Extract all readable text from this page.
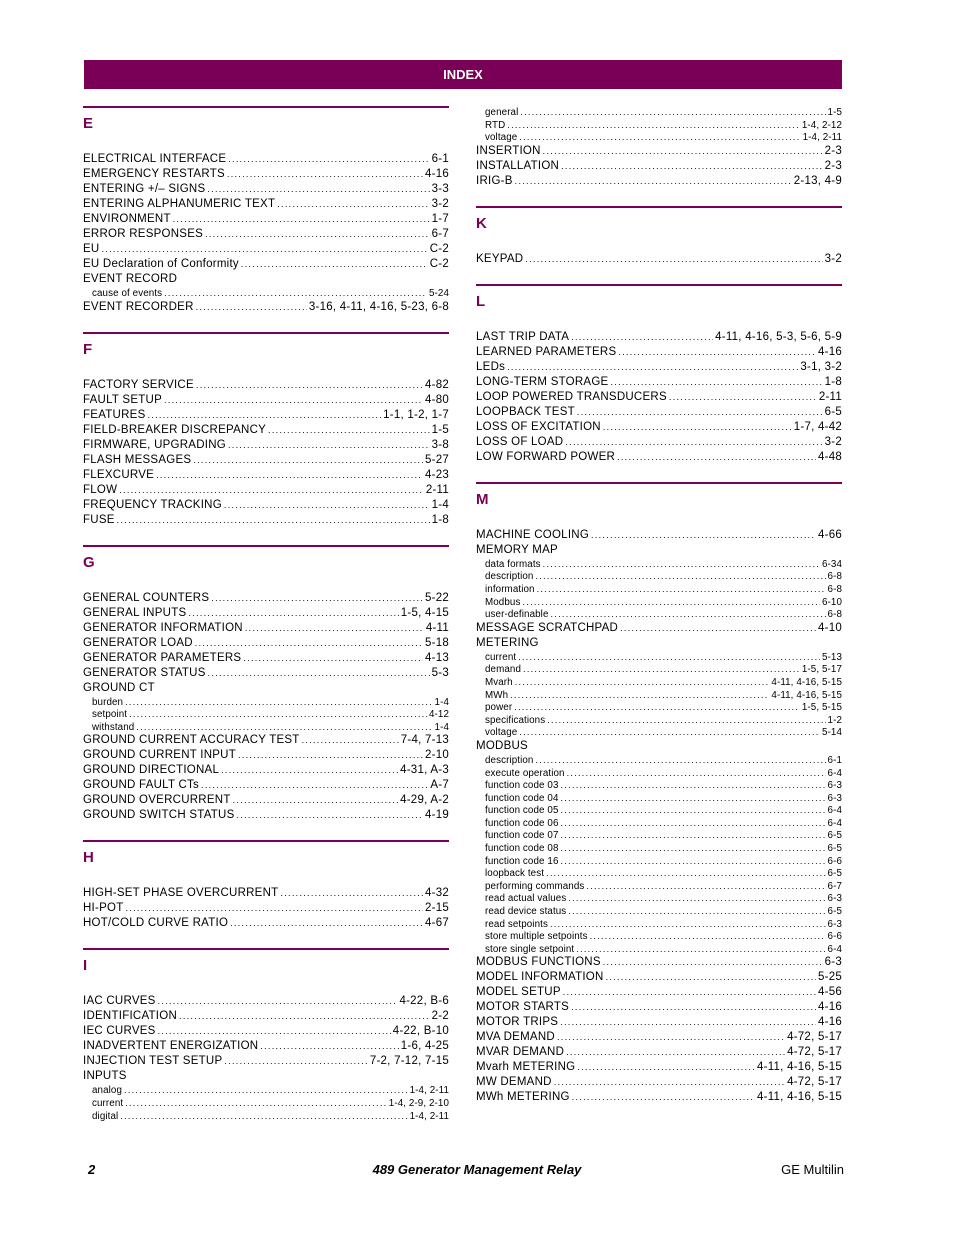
INDEX
E
ELECTRICAL INTERFACE .....	6-1
EMERGENCY RESTARTS .....	4-16
ENTERING +/– SIGNS .....	3-3
ENTERING ALPHANUMERIC TEXT .....	3-2
ENVIRONMENT .....	1-7
ERROR RESPONSES .....	6-7
EU .....	C-2
EU Declaration of Conformity .....	C-2
EVENT RECORD
cause of events .....	5-24
EVENT RECORDER .....	3-16, 4-11, 4-16, 5-23, 6-8
F
FACTORY SERVICE .....	4-82
FAULT SETUP .....	4-80
FEATURES .....	1-1, 1-2, 1-7
FIELD-BREAKER DISCREPANCY .....	1-5
FIRMWARE, UPGRADING .....	3-8
FLASH MESSAGES .....	5-27
FLEXCURVE .....	4-23
FLOW .....	2-11
FREQUENCY TRACKING .....	1-4
FUSE .....	1-8
G
GENERAL COUNTERS .....	5-22
GENERAL INPUTS .....	1-5, 4-15
GENERATOR INFORMATION .....	4-11
GENERATOR LOAD .....	5-18
GENERATOR PARAMETERS .....	4-13
GENERATOR STATUS .....	5-3
GROUND CT
burden .....	1-4
setpoint .....	4-12
withstand .....	1-4
GROUND CURRENT ACCURACY TEST .....	7-4, 7-13
GROUND CURRENT INPUT .....	2-10
GROUND DIRECTIONAL .....	4-31, A-3
GROUND FAULT CTs .....	A-7
GROUND OVERCURRENT .....	4-29, A-2
GROUND SWITCH STATUS .....	4-19
H
HIGH-SET PHASE OVERCURRENT .....	4-32
HI-POT .....	2-15
HOT/COLD CURVE RATIO .....	4-67
I
IAC CURVES .....	4-22, B-6
IDENTIFICATION .....	2-2
IEC CURVES .....	4-22, B-10
INADVERTENT ENERGIZATION .....	1-6, 4-25
INJECTION TEST SETUP .....	7-2, 7-12, 7-15
INPUTS
analog .....	1-4, 2-11
current .....	1-4, 2-9, 2-10
digital .....	1-4, 2-11
general .....	1-5
RTD .....	1-4, 2-12
voltage .....	1-4, 2-11
INSERTION .....	2-3
INSTALLATION .....	2-3
IRIG-B .....	2-13, 4-9
K
KEYPAD .....	3-2
L
LAST TRIP DATA .....	4-11, 4-16, 5-3, 5-6, 5-9
LEARNED PARAMETERS .....	4-16
LEDs .....	3-1, 3-2
LONG-TERM STORAGE .....	1-8
LOOP POWERED TRANSDUCERS .....	2-11
LOOPBACK TEST .....	6-5
LOSS OF EXCITATION .....	1-7, 4-42
LOSS OF LOAD .....	3-2
LOW FORWARD POWER .....	4-48
M
MACHINE COOLING .....	4-66
MEMORY MAP
data formats .....	6-34
description .....	6-8
information .....	6-8
Modbus .....	6-10
user-definable .....	6-8
MESSAGE SCRATCHPAD .....	4-10
METERING
current .....	5-13
demand .....	1-5, 5-17
Mvarh .....	4-11, 4-16, 5-15
MWh .....	4-11, 4-16, 5-15
power .....	1-5, 5-15
specifications .....	1-2
voltage .....	5-14
MODBUS
description .....	6-1
execute operation .....	6-4
function code 03 .....	6-3
function code 04 .....	6-3
function code 05 .....	6-4
function code 06 .....	6-4
function code 07 .....	6-5
function code 08 .....	6-5
function code 16 .....	6-6
loopback test .....	6-5
performing commands .....	6-7
read actual values .....	6-3
read device status .....	6-5
read setpoints .....	6-3
store multiple setpoints .....	6-6
store single setpoint .....	6-4
MODBUS FUNCTIONS .....	6-3
MODEL INFORMATION .....	5-25
MODEL SETUP .....	4-56
MOTOR STARTS .....	4-16
MOTOR TRIPS .....	4-16
MVA DEMAND .....	4-72, 5-17
MVAR DEMAND .....	4-72, 5-17
Mvarh METERING .....	4-11, 4-16, 5-15
MW DEMAND .....	4-72, 5-17
MWh METERING .....	4-11, 4-16, 5-15
2	489 Generator Management Relay	GE Multilin
